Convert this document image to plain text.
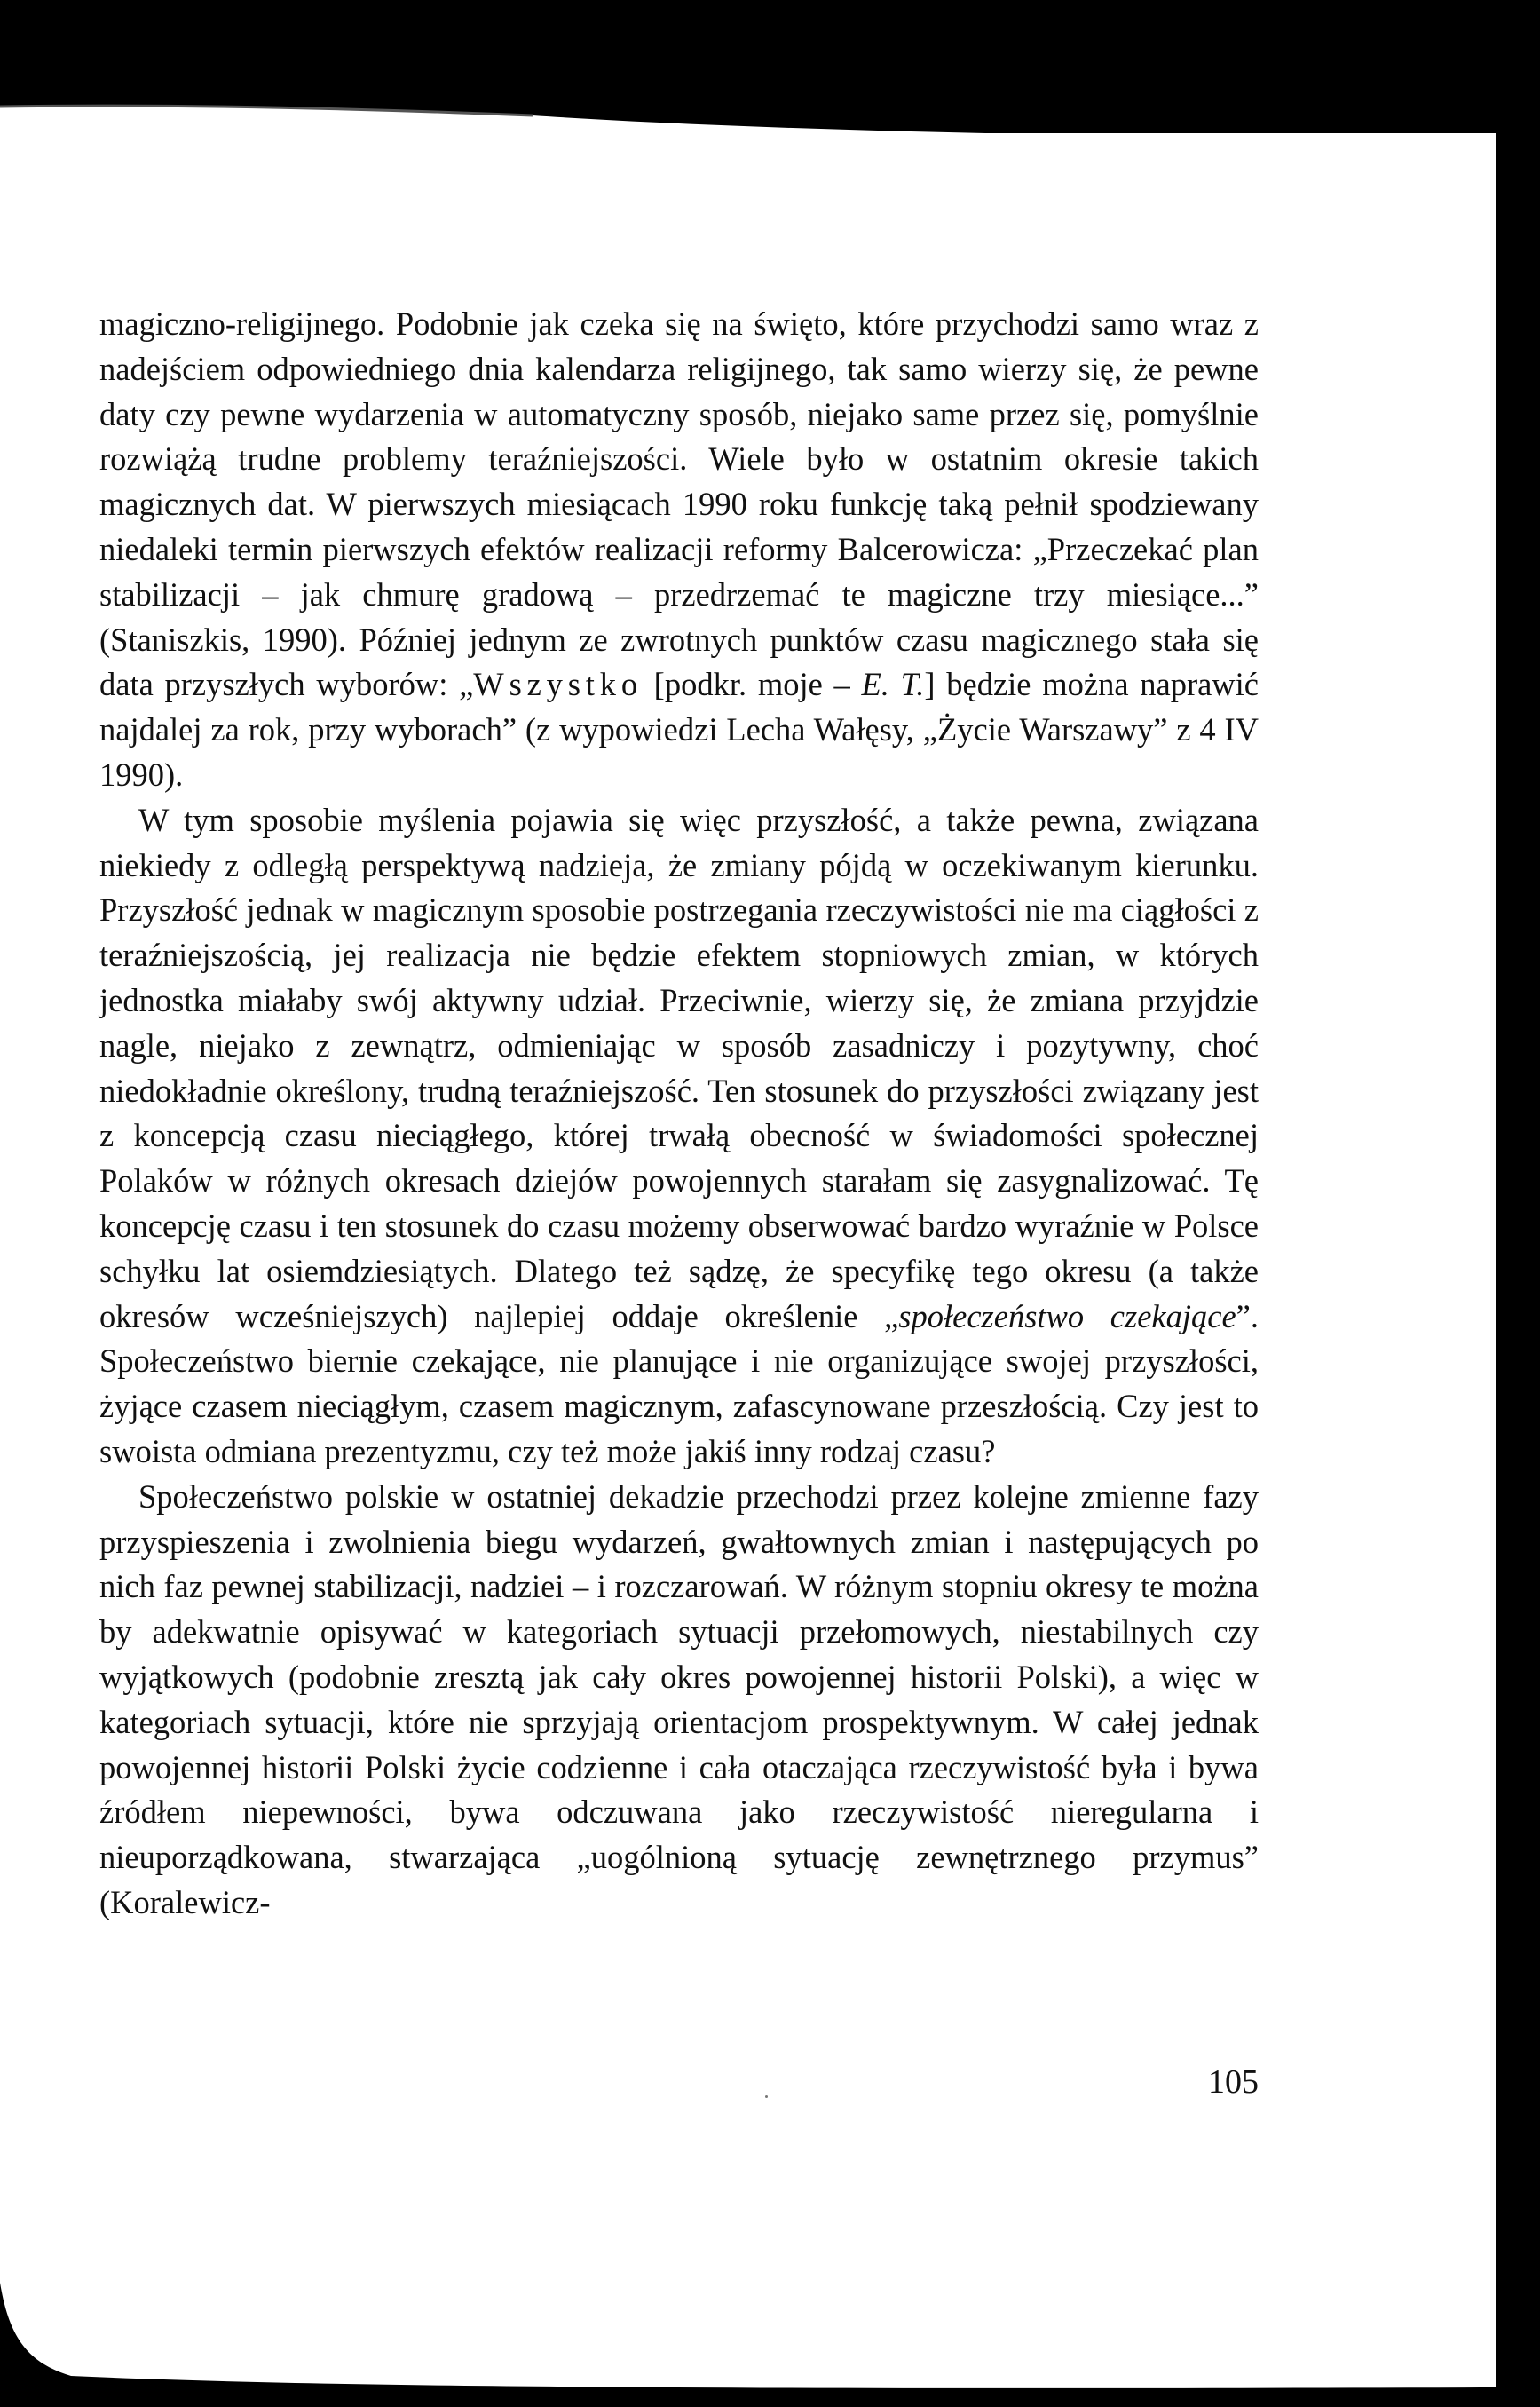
magiczno-religijnego. Podobnie jak czeka się na święto, które przychodzi samo wraz z nadejściem odpowiedniego dnia kalendarza religijnego, tak samo wierzy się, że pewne daty czy pewne wydarzenia w automatyczny sposób, niejako same przez się, pomyślnie rozwiążą trudne problemy teraźniejszości. Wiele było w ostatnim okresie takich magicznych dat. W pierwszych miesiącach 1990 roku funkcję taką pełnił spodziewany niedaleki termin pierwszych efektów realizacji reformy Balcerowicza: „Przeczekać plan stabilizacji – jak chmurę gradową – przedrzemać te magiczne trzy miesiące...” (Staniszkis, 1990). Później jednym ze zwrotnych punktów czasu magicznego stała się data przyszłych wyborów: „Wszystko [podkr. moje – E. T.] będzie można naprawić najdalej za rok, przy wyborach” (z wypowiedzi Lecha Wałęsy, „Życie Warszawy” z 4 IV 1990).

W tym sposobie myślenia pojawia się więc przyszłość, a także pewna, związana niekiedy z odległą perspektywą nadzieja, że zmiany pójdą w oczekiwanym kierunku. Przyszłość jednak w magicznym sposobie postrzegania rzeczywistości nie ma ciągłości z teraźniejszością, jej realizacja nie będzie efektem stopniowych zmian, w których jednostka miałaby swój aktywny udział. Przeciwnie, wierzy się, że zmiana przyjdzie nagle, niejako z zewnątrz, odmieniając w sposób zasadniczy i pozytywny, choć niedokładnie określony, trudną teraźniejszość. Ten stosunek do przyszłości związany jest z koncepcją czasu nieciągłego, której trwałą obecność w świadomości społecznej Polaków w różnych okresach dziejów powojennych starałam się zasygnalizować. Tę koncepcję czasu i ten stosunek do czasu możemy obserwować bardzo wyraźnie w Polsce schyłku lat osiemdziesiątych. Dlatego też sądzę, że specyfikę tego okresu (a także okresów wcześniejszych) najlepiej oddaje określenie „społeczeństwo czekające”. Społeczeństwo biernie czekające, nie planujące i nie organizujące swojej przyszłości, żyjące czasem nieciągłym, czasem magicznym, zafascynowane przeszłością. Czy jest to swoista odmiana prezentyzmu, czy też może jakiś inny rodzaj czasu?

Społeczeństwo polskie w ostatniej dekadzie przechodzi przez kolejne zmienne fazy przyspieszenia i zwolnienia biegu wydarzeń, gwałtownych zmian i następujących po nich faz pewnej stabilizacji, nadziei – i rozczarowań. W różnym stopniu okresy te można by adekwatnie opisywać w kategoriach sytuacji przełomowych, niestabilnych czy wyjątkowych (podobnie zresztą jak cały okres powojennej historii Polski), a więc w kategoriach sytuacji, które nie sprzyjają orientacjom prospektywnym. W całej jednak powojennej historii Polski życie codzienne i cała otaczająca rzeczywistość była i bywa źródłem niepewności, bywa odczuwana jako rzeczywistość nieregularna i nieuporządkowana, stwarzająca „uogólnioną sytuację zewnętrznego przymus” (Koralewicz-

105
